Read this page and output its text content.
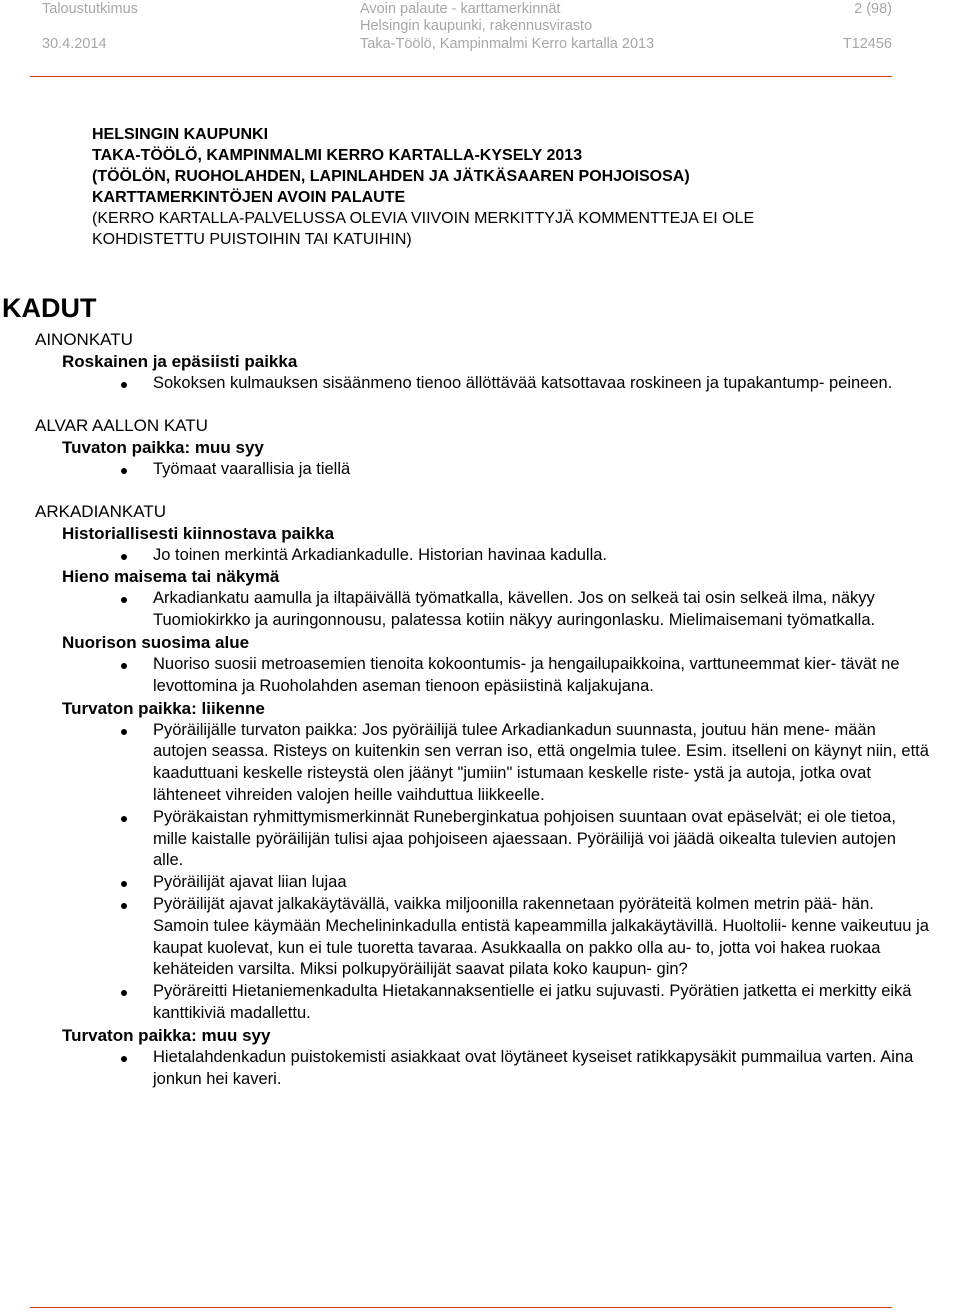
Taloustutkimus
30.4.2014
Avoin palaute - karttamerkinnät
Helsingin kaupunki, rakennusvirasto
Taka-Töölö, Kampinmalmi Kerro kartalla 2013
2 (98)
T12456
HELSINGIN KAUPUNKI
TAKA-TÖÖLÖ, KAMPINMALMI KERRO KARTALLA-KYSELY 2013
(TÖÖLÖN, RUOHOLAHDEN, LAPINLAHDEN JA JÄTKÄSAAREN POHJOISOSA)
KARTTAMERKINTÖJEN AVOIN PALAUTE
(KERRO KARTALLA-PALVELUSSA OLEVIA VIIVOIN MERKITTYJÄ KOMMENTTEJA EI OLE
KOHDISTETTU PUISTOIHIN TAI KATUIHIN)
KADUT
AINONKATU
Roskainen ja epäsiisti paikka
Sokoksen kulmauksen sisäänmeno tienoo ällöttävää katsottavaa roskineen ja tupakantump- peineen.
ALVAR AALLON KATU
Tuvaton paikka: muu syy
Työmaat vaarallisia ja tiellä
ARKADIANKATU
Historiallisesti kiinnostava paikka
Jo toinen merkintä Arkadiankadulle. Historian havinaa kadulla.
Hieno maisema tai näkymä
Arkadiankatu aamulla ja iltapäivällä työmatkalla, kävellen. Jos on selkeä tai osin selkeä ilma, näkyy Tuomiokirkko ja auringonnousu, palatessa kotiin näkyy auringonlasku. Mielimaisemani työmatkalla.
Nuorison suosima alue
Nuoriso suosii metroasemien tienoita kokoontumis- ja hengailupaikkoina, varttuneemmat kier- tävät ne levottomina ja Ruoholahden aseman tienoon epäsiistinä kaljakujana.
Turvaton paikka: liikenne
Pyöräilijälle turvaton paikka: Jos pyöräilijä tulee Arkadiankadun suunnasta, joutuu hän mene- mään autojen seassa. Risteys on kuitenkin sen verran iso, että ongelmia tulee. Esim. itselleni on käynyt niin, että kaaduttuani keskelle risteystä olen jäänyt "jumiin" istumaan keskelle riste- ystä ja autoja, jotka ovat lähteneet vihreiden valojen heille vaihduttua liikkeelle.
Pyöräkaistan ryhmittymismerkinnät Runeberginkatua pohjoisen suuntaan ovat epäselvät; ei ole tietoa, mille kaistalle pyöräilijän tulisi ajaa pohjoiseen ajaessaan. Pyöräilijä voi jäädä oikealta tulevien autojen alle.
Pyöräilijät ajavat liian lujaa
Pyöräilijät ajavat jalkakäytävällä, vaikka miljoonilla rakennetaan pyöräteitä kolmen metrin pää- hän. Samoin tulee käymään Mechelininkadulla entistä kapeammilla jalkakäytävillä. Huoltolii- kenne vaikeutuu ja kaupat kuolevat, kun ei tule tuoretta tavaraa. Asukkaalla on pakko olla au- to, jotta voi hakea ruokaa kehäteiden varsilta. Miksi polkupyöräilijät saavat pilata koko kaupun- gin?
Pyöräreitti Hietaniemenkadulta Hietakannaksentielle ei jatku sujuvasti. Pyörätien jatketta ei merkitty eikä kanttikiviä madallettu.
Turvaton paikka: muu syy
Hietalahdenkadun puistokemisti asiakkaat ovat löytäneet kyseiset ratikkapysäkit pummailua varten. Aina jonkun hei kaveri.
